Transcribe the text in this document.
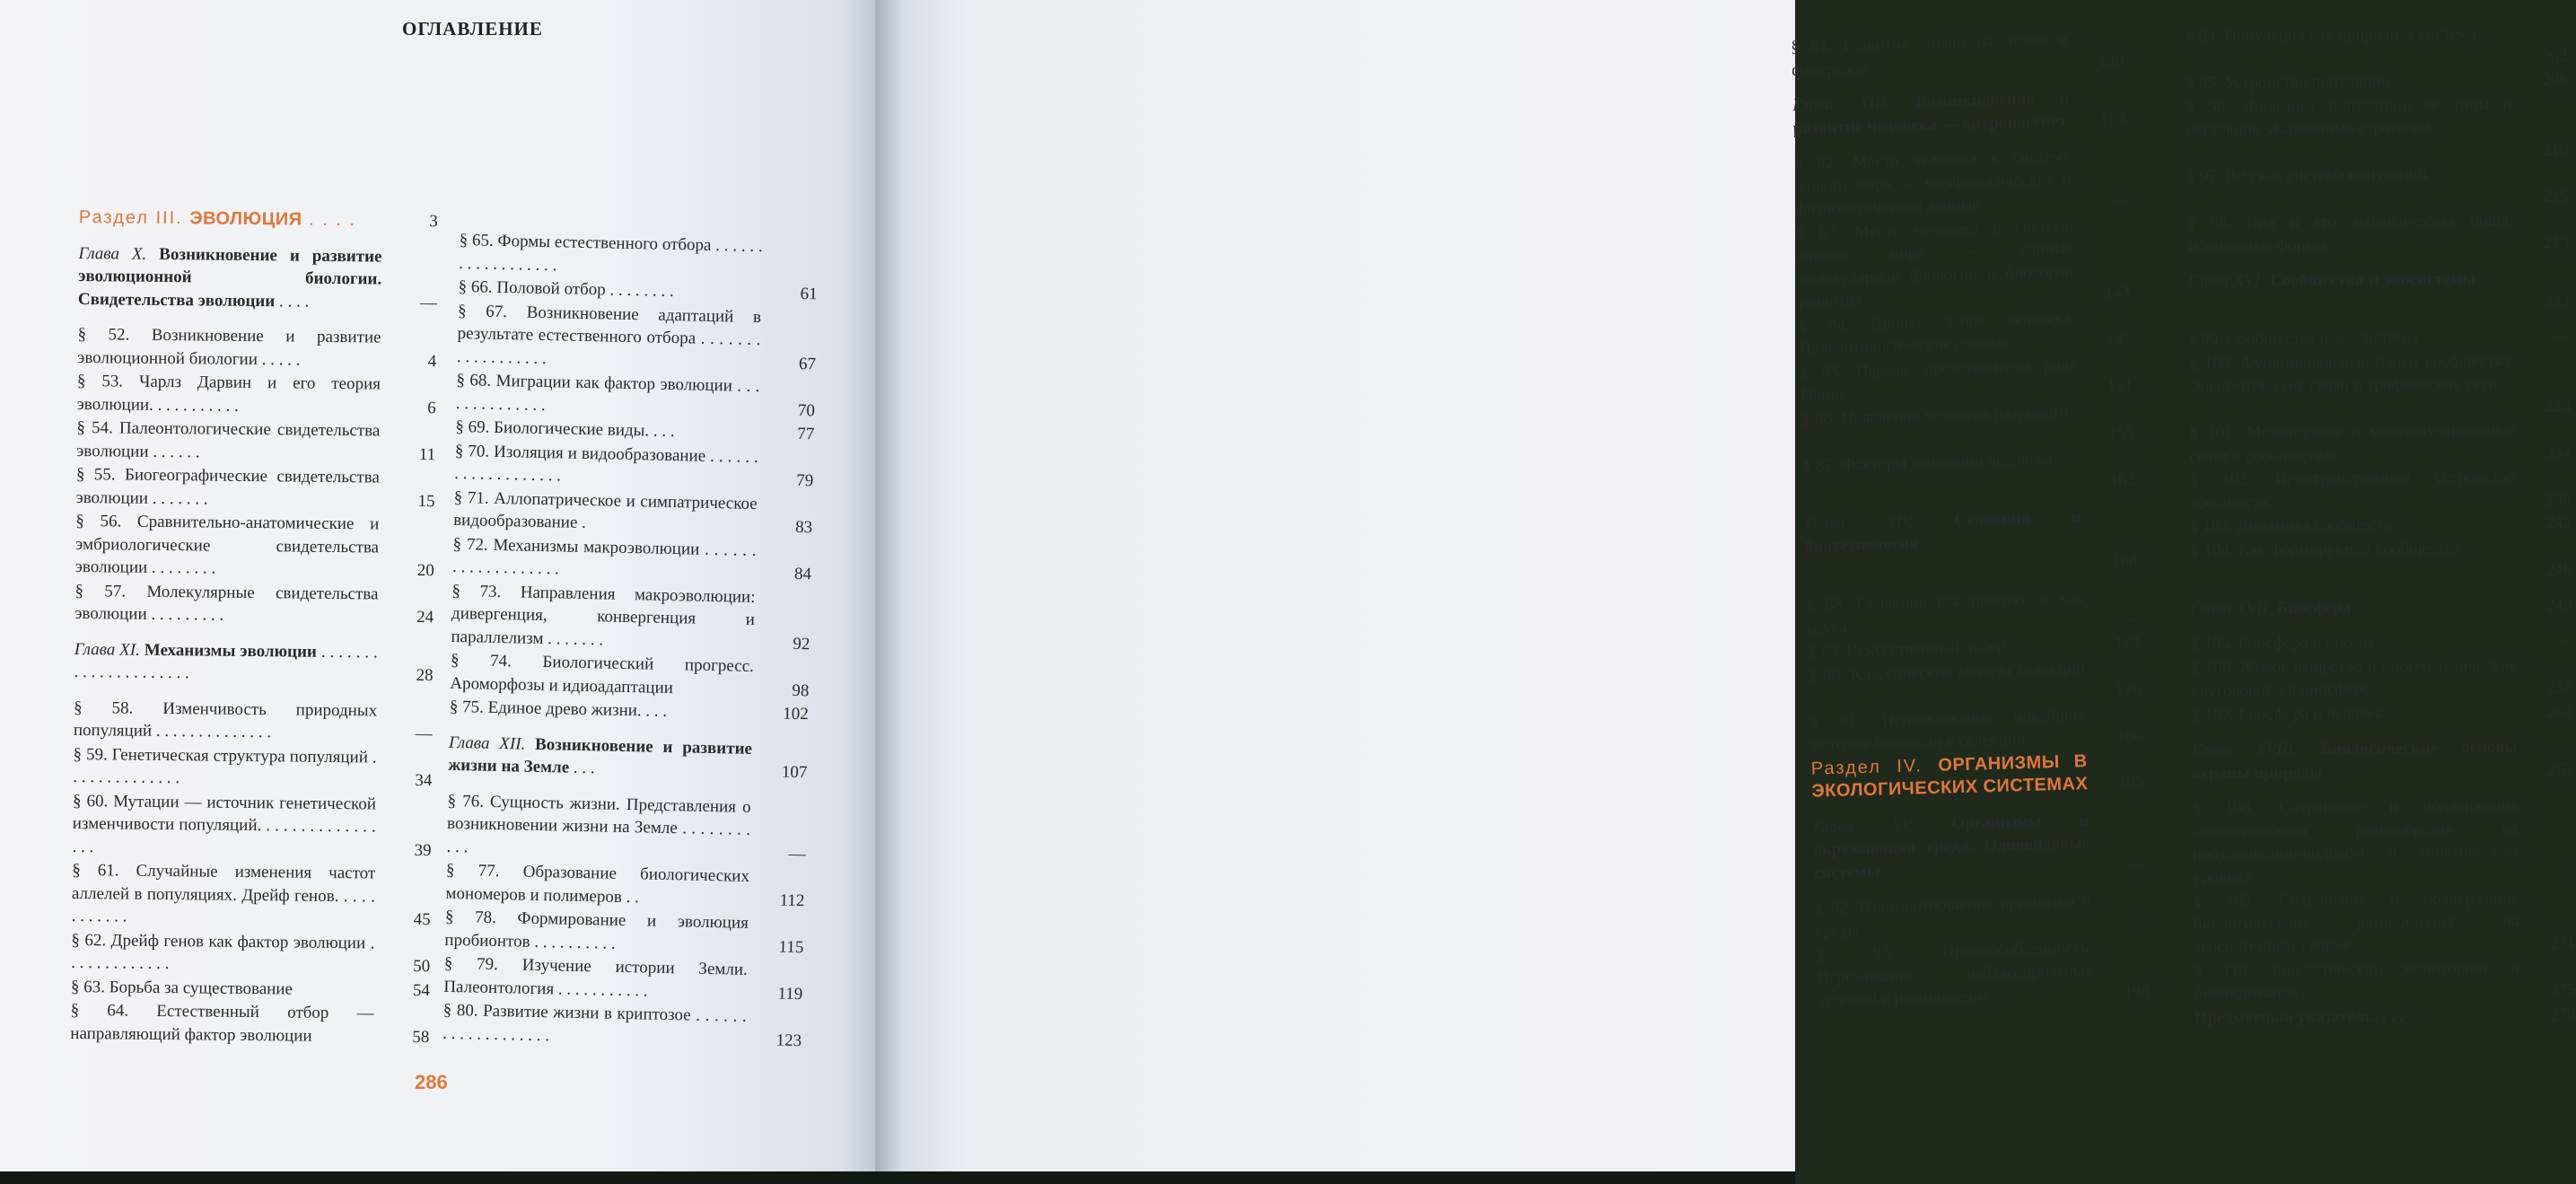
ОГЛАВЛЕНИЕ
Раздел III. ЭВОЛЮЦИЯ . . . .	3
Глава X. Возникновение и развитие эволюционной биологии. Свидетельства эволюции . . . .	—
§ 52. Возникновение и развитие эволюционной биологии . . . . .	4
§ 53. Чарлз Дарвин и его теория эволюции. . . . . . . . . . .	6
§ 54. Палеонтологические свидетельства эволюции . . . . . .	11
§ 55. Биогеографические свидетельства эволюции . . . . . . .	15
§ 56. Сравнительно-анатомические и эмбриологические свидетельства эволюции . . . . . . . .	20
§ 57. Молекулярные свидетельства эволюции . . . . . . . . .	24
Глава XI. Механизмы эволюции . . . . . . . . . . . . . . . . . . . . .	28
§ 58. Изменчивость природных популяций . . . . . . . . . . . . . .	—
§ 59. Генетическая структура популяций . . . . . . . . . . . . . .	34
§ 60. Мутации — источник генетической изменчивости популяций. . . . . . . . . . . . . . . . .	39
§ 61. Случайные изменения частот аллелей в популяциях. Дрейф генов. . . . . . . . . . . .	45
§ 62. Дрейф генов как фактор эволюции . . . . . . . . . . . . .	50
§ 63. Борьба за существование	54
§ 64. Естественный отбор — направляющий фактор эволюции	58
§ 65. Формы естественного отбора . . . . . . . . . . . . . . . . . .
§ 66. Половой отбор . . . . . . . .	61
§ 67. Возникновение адаптаций в результате естественного отбора . . . . . . . . . . . . . . . . . .	67
§ 68. Миграции как фактор эволюции . . . . . . . . . . . . . .	70
§ 69. Биологические виды. . . .	77
§ 70. Изоляция и видообразование . . . . . . . . . . . . . . . . . . .	79
§ 71. Аллопатрическое и симпатрическое видообразование .	83
§ 72. Механизмы макроэволюции . . . . . . . . . . . . . . . . . . .	84
§ 73. Направления макроэволюции: дивергенция, конвергенция и параллелизм . . . . . . .	92
§ 74. Биологический прогресс. Ароморфозы и идиоадаптации	98
§ 75. Единое древо жизни. . . .	102
Глава XII. Возникновение и развитие жизни на Земле . . .	107
§ 76. Сущность жизни. Представления о возникновении жизни на Земле . . . . . . . . . . .	—
§ 77. Образование биологических мономеров и полимеров . .	112
§ 78. Формирование и эволюция пробионтов . . . . . . . . . .	115
§ 79. Изучение истории Земли. Палеонтология . . . . . . . . . . .	119
§ 80. Развитие жизни в криптозое . . . . . . . . . . . . . . . . . . .	123
286
§ 81. Развитие жизни на Земле в фанерозое . . . . . . . . . . . . .	130
Глава XIII. Возникновение и развитие человека — антропогенез	139
§ 82. Место человека в системе живого мира — морфологические и физиологические данные	—
§ 83. Место человека в системе живого мира — данные молекулярной биологии и биологии развития . . . . . . . . . . . . .	143
§ 84. Происхождение человека. Палеонтологические данные . .	147
§ 85. Первые представители рода Homo . . . . . . . . . . . . . .	151
§ 86. Появление человека разумного . . . . . . . . . . . . . . . .	155
§ 87. Факторы эволюции человека . . . . . . . . . . . . . . . . . .	162
Глава XIV. Селекция и биотехнология. . . . . . . . . . . . . . . . . . . . . .	168
§ 88. Селекция как процесс и как наука . . . . . . . . . . . . .	—
§ 89. Искусственный отбор . . .	173
§ 90. Классические методы селекции . . . . . . . . . . . . . . .	176
§ 91. Использование новейших методов биологии в селекции	186
Раздел IV. ОРГАНИЗМЫ В ЭКОЛОГИЧЕСКИХ СИСТЕМАХ	195
Глава XV. Организмы и окружающая среда. Одновидовые системы . . . . . . . . . . . . . . .	—
§ 92. Взаимоотношения организма и среды . . . . . . . . . .	—
§ 93. Приспособленность. Переживание неблагоприятных условий и размножение . . . . . .	198
§ 94. Популяция как природная система . . . . . . . . . . . . . .	202
§ 95. Устройство популяции . .	206
§ 96. Динамика популяции, ее типы и регуляция. Жизненные стратегии. . . . . . . . . . . . . .	210
§ 97. Вид как система популяций . . . . . . . . . . . . . . . . . . .	215
§ 98. Вид и его экологическая ниша. Жизненные формы . . .	219
Глава XVI. Сообщества и экосистемы . . . . . . . . . . . . . . . . . .	223
§ 99. Сообщества и экосистемы	—
§ 100. Функциональные блоки сообщества. Энергетические связи и трофические сети . . .	228
§ 101. Межвидовые и межпопуляционные связи в сообществах	234
§ 102. Пространственное устройство сообществ. . . . . . . .	238
§ 103. Динамика сообществ . .	242
§ 104. Как формируются сообщества . . . . . . . . . . . . . . . .	246
Глава XVII. Биосфера . . . . .	249
§ 105. Биосфера и биомы . . . .	—
§ 106. Живое вещество и биогеохимические круговороты в биосфере . . . . . . . . . . . . . .	255
§ 107. Биосфера и человек . . .	262
Глава XVIII. Биологические основы охраны природы . . . . .	267
§ 108. Сохранение и поддержание биологического разнообразия на популяционно-видовом и генетическом уровнях . . . . .	—
§ 109. Сохранение и поддержание биологического разнообразия на экосистемном уровне . .	271
§ 110. Биологический мониторинг и биоиндикация . . . . . .	275
Предметный указатель. . . . . .	278
